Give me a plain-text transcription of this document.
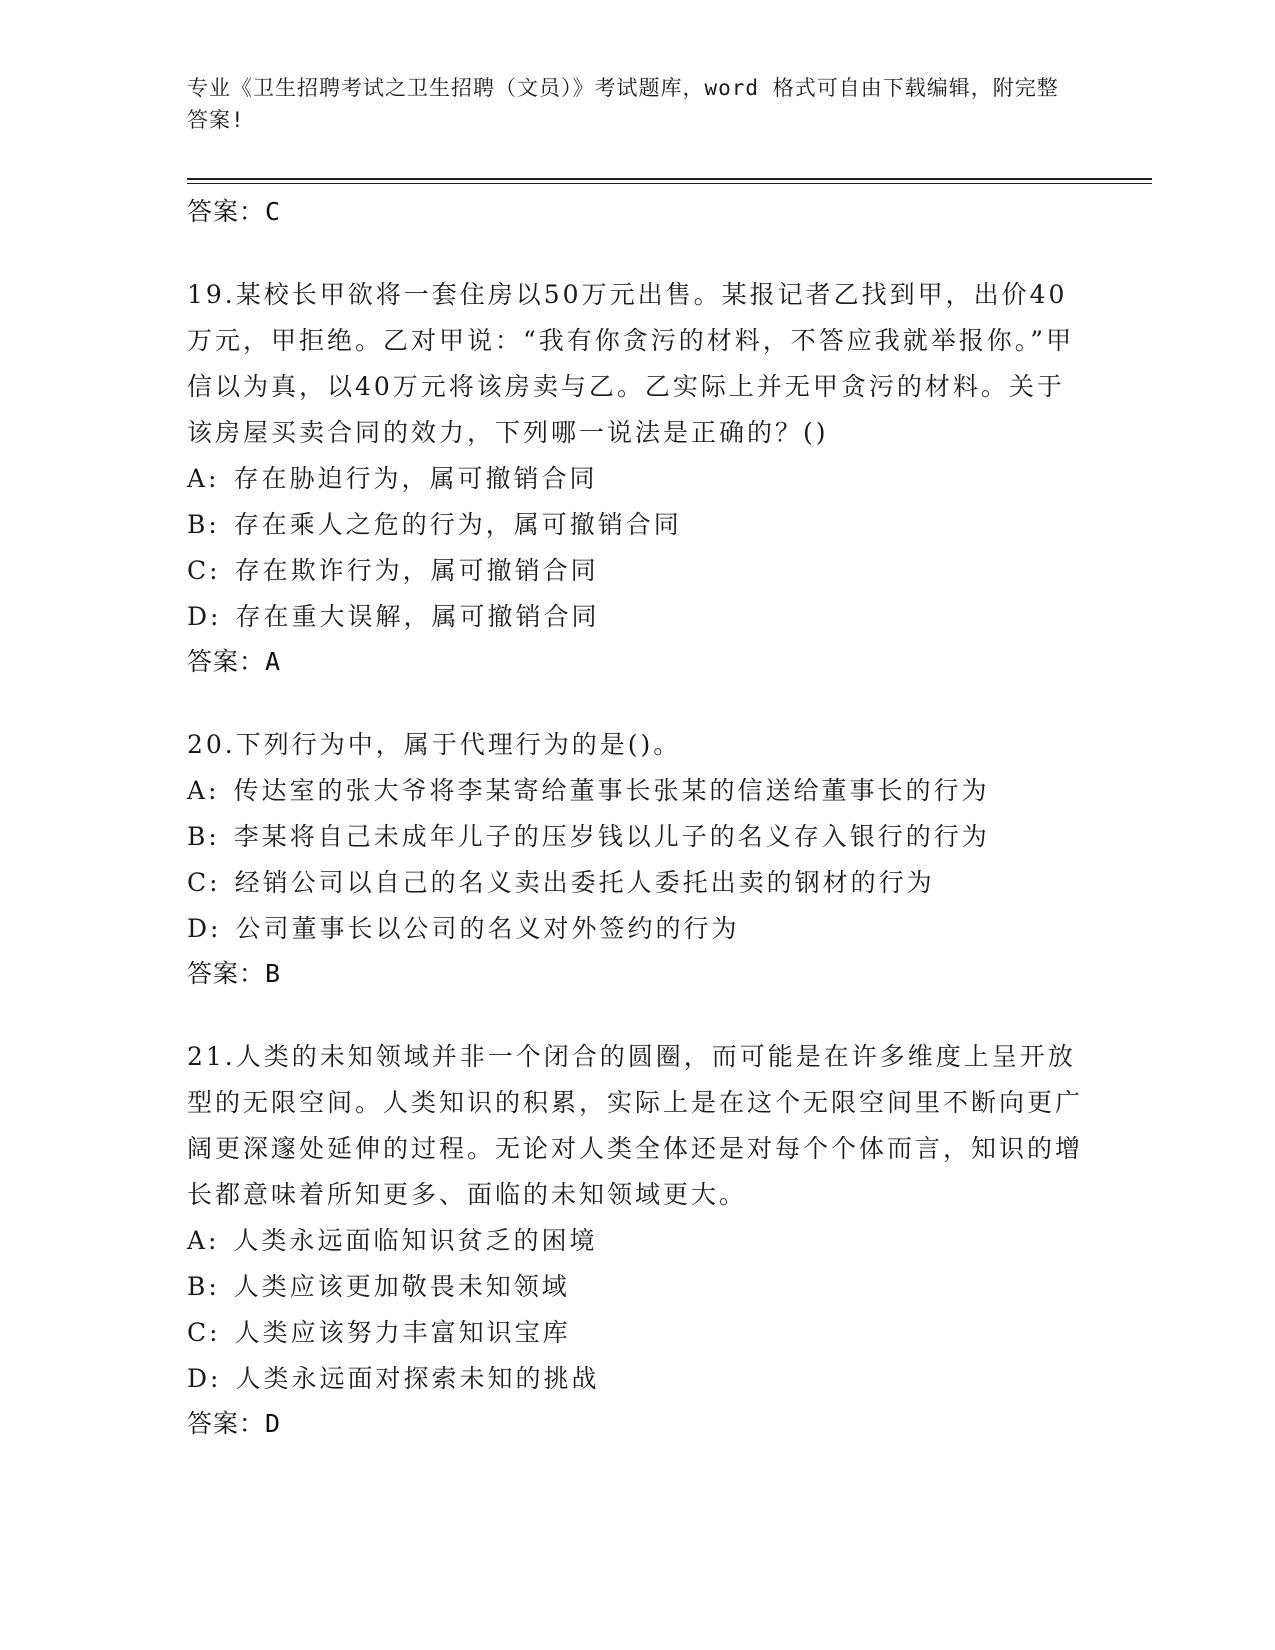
专业《卫生招聘考试之卫生招聘（文员）》考试题库，word 格式可自由下载编辑，附完整答案!
答案：C
19.某校长甲欲将一套住房以50万元出售。某报记者乙找到甲，出价40万元，甲拒绝。乙对甲说：“我有你贪污的材料，不答应我就举报你。”甲信以为真，以40万元将该房卖与乙。乙实际上并无甲贪污的材料。关于该房屋买卖合同的效力，下列哪一说法是正确的？()
A: 存在胁迫行为，属可撤销合同
B: 存在乘人之危的行为，属可撤销合同
C: 存在欺诈行为，属可撤销合同
D: 存在重大误解，属可撤销合同
答案：A
20.下列行为中，属于代理行为的是()。
A: 传达室的张大爷将李某寄给董事长张某的信送给董事长的行为
B: 李某将自己未成年儿子的压岁钱以儿子的名义存入银行的行为
C: 经销公司以自己的名义卖出委托人委托出卖的钢材的行为
D: 公司董事长以公司的名义对外签约的行为
答案：B
21.人类的未知领域并非一个闭合的圆圈，而可能是在许多维度上呈开放型的无限空间。人类知识的积累，实际上是在这个无限空间里不断向更广阔更深邃处延伸的过程。无论对人类全体还是对每个个体而言，知识的增长都意味着所知更多、面临的未知领域更大。
A: 人类永远面临知识贫乏的困境
B: 人类应该更加敬畏未知领域
C: 人类应该努力丰富知识宝库
D: 人类永远面对探索未知的挑战
答案：D
